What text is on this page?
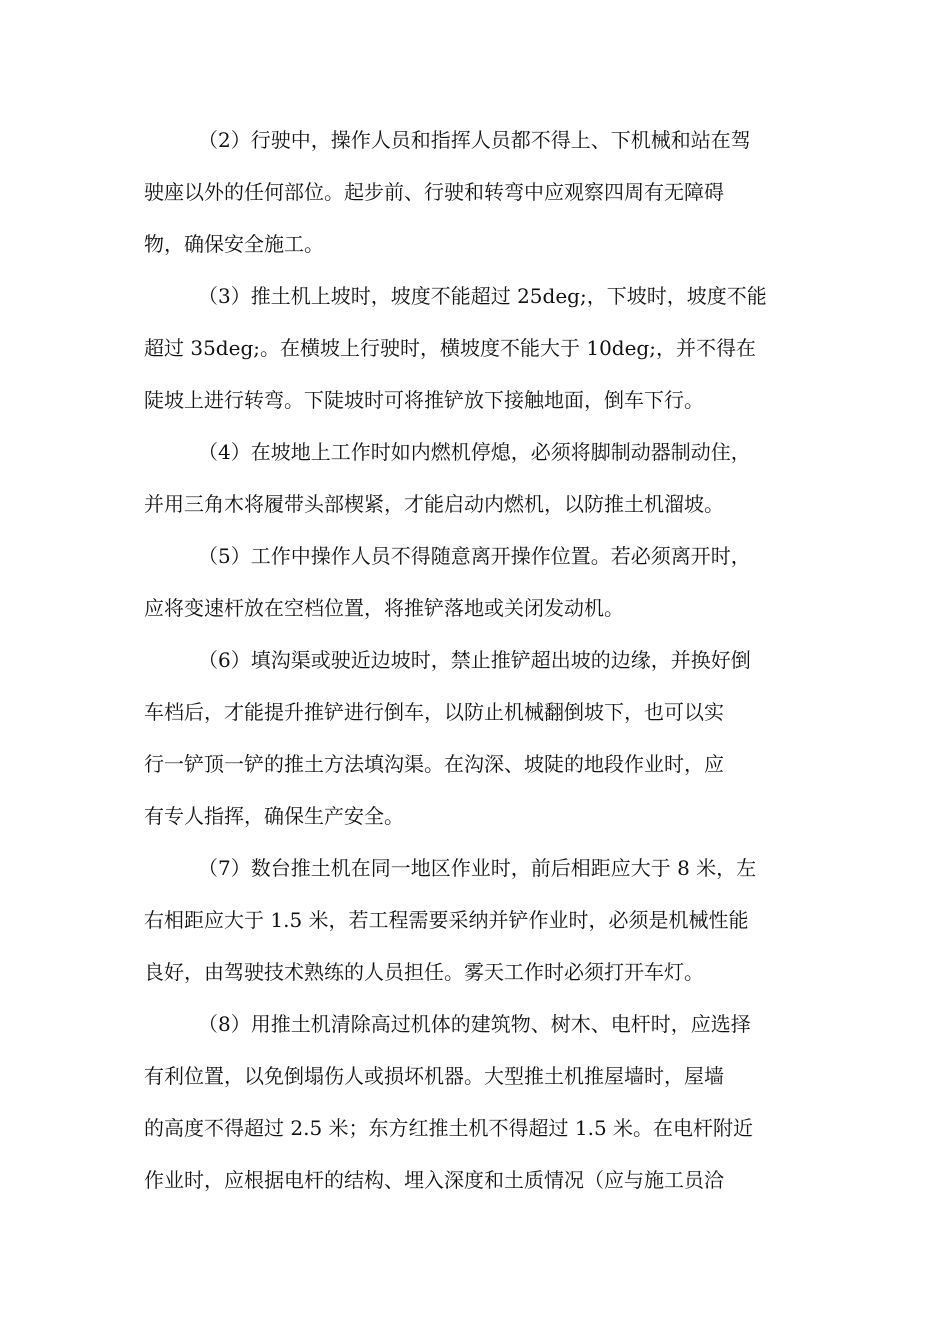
（2）行驶中，操作人员和指挥人员都不得上、下机械和站在驾
驶座以外的任何部位。起步前、行驶和转弯中应观察四周有无障碍
物，确保安全施工。
（3）推土机上坡时，坡度不能超过 25deg;，下坡时，坡度不能
超过 35deg;。在横坡上行驶时，横坡度不能大于 10deg;，并不得在
陡坡上进行转弯。下陡坡时可将推铲放下接触地面，倒车下行。
（4）在坡地上工作时如内燃机停熄，必须将脚制动器制动住，
并用三角木将履带头部楔紧，才能启动内燃机，以防推土机溜坡。
（5）工作中操作人员不得随意离开操作位置。若必须离开时，
应将变速杆放在空档位置，将推铲落地或关闭发动机。
（6）填沟渠或驶近边坡时，禁止推铲超出坡的边缘，并换好倒
车档后，才能提升推铲进行倒车，以防止机械翻倒坡下，也可以实
行一铲顶一铲的推土方法填沟渠。在沟深、坡陡的地段作业时，应
有专人指挥，确保生产安全。
（7）数台推土机在同一地区作业时，前后相距应大于 8 米，左
右相距应大于 1.5 米，若工程需要采纳并铲作业时，必须是机械性能
良好，由驾驶技术熟练的人员担任。雾天工作时必须打开车灯。
（8）用推土机清除高过机体的建筑物、树木、电杆时，应选择
有利位置，以免倒塌伤人或损坏机器。大型推土机推屋墙时，屋墙
的高度不得超过 2.5 米；东方红推土机不得超过 1.5 米。在电杆附近
作业时，应根据电杆的结构、埋入深度和土质情况（应与施工员洽
